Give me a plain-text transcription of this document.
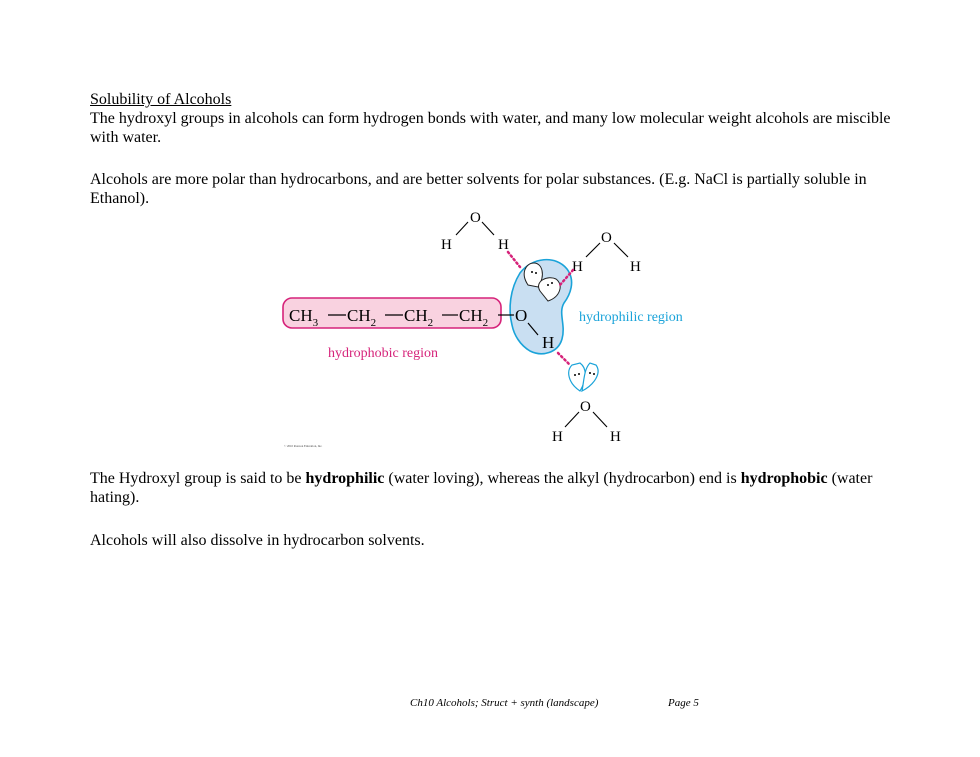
Solubility of Alcohols

The hydroxyl groups in alcohols can form hydrogen bonds with water, and many low molecular weight alcohols are miscible with water.

Alcohols are more polar than hydrocarbons, and are better solvents for polar substances. (E.g. NaCl is partially soluble in Ethanol).

$CH_3$ $CH_2$ $CH_2$ $CH_2$ O
H
O
H	H	O
H	H
O
H	H
hydrophobic region
hydrophilic region
© 2010 Pearson Education, Inc.

The Hydroxyl group is said to be hydrophilic (water loving), whereas the alkyl (hydrocarbon) end is hydrophobic (water hating).

Alcohols will also dissolve in hydrocarbon solvents.

Ch10 Alcohols; Struct + synth (landscape)	Page 5
